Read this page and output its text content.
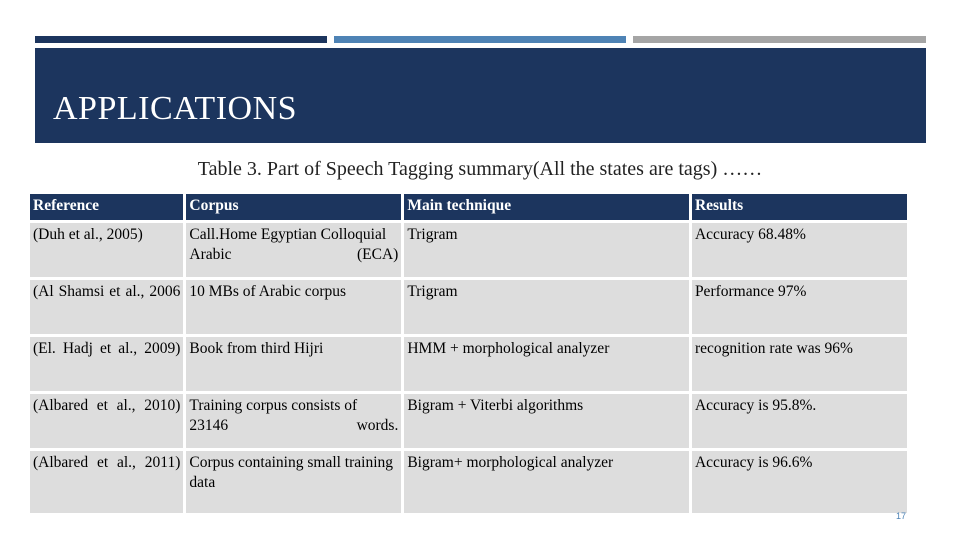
APPLICATIONS
Table 3. Part of Speech Tagging summary(All the states are tags) ……
Reference	Corpus	Main technique	Results
(Duh et al., 2005)	Call.Home Egyptian Colloquial Arabic (ECA)	Trigram	Accuracy 68.48%
(Al Shamsi et al., 2006	10 MBs of Arabic corpus	Trigram	Performance 97%
(El. Hadj et al., 2009)	Book from third Hijri	HMM + morphological analyzer	recognition rate was 96%
(Albared et al., 2010)	Training corpus consists of 23146 words.	Bigram + Viterbi algorithms	Accuracy is 95.8%.
(Albared et al., 2011)	Corpus containing small training data	Bigram+ morphological analyzer	Accuracy is 96.6%
17
